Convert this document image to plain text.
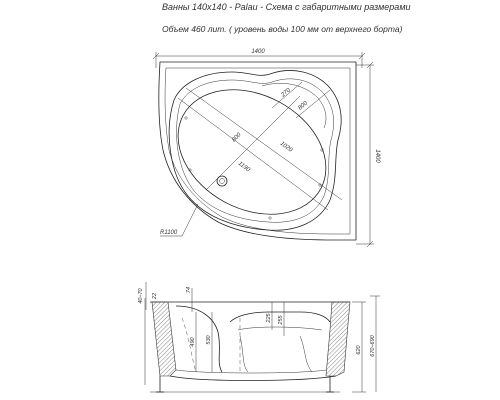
Ванны 140х140 - Palau - Схема с габаритными размерами
Объем 460 лит. ( уровень воды 100 мм от верхнего борта)
1400
1400
270
800
800
1190
1020
R1100
40÷70 22
74
490 530
225 255
620 670÷690
